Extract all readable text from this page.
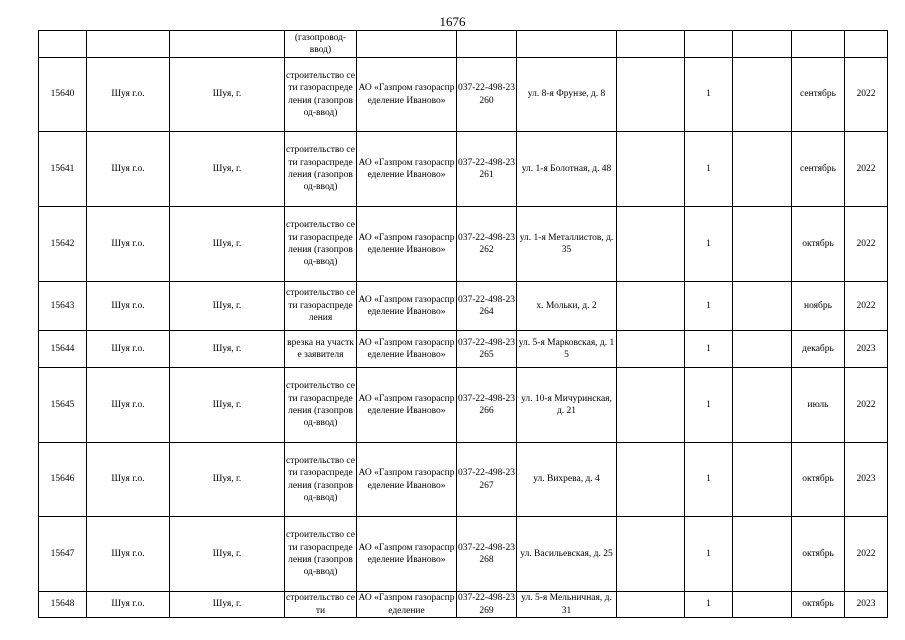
1676

			(газопровод-
ввод)								

15640	Шуя г.о.	Шуя, г.	строительство сети газораспределения (газопровод-ввод)	АО «Газпром газораспределение Иваново»	037-22-498-23260	ул. 8-я Фрунзе, д. 8		1		сентябрь	2022

15641	Шуя г.о.	Шуя, г.	строительство сети газораспределения (газопровод-ввод)	АО «Газпром газораспределение Иваново»	037-22-498-23261	ул. 1-я Болотная, д. 48		1		сентябрь	2022

15642	Шуя г.о.	Шуя, г.	строительство сети газораспределения (газопровод-ввод)	АО «Газпром газораспределение Иваново»	037-22-498-23262	ул. 1-я Металлистов, д. 35		1		октябрь	2022

15643	Шуя г.о.	Шуя, г.	строительство сети газораспределения	АО «Газпром газораспределение Иваново»	037-22-498-23264	х. Мольки, д. 2		1		ноябрь	2022

15644	Шуя г.о.	Шуя, г.	врезка на участке заявителя	АО «Газпром газораспределение Иваново»	037-22-498-23265	ул. 5-я Марковская, д. 15		1		декабрь	2023

15645	Шуя г.о.	Шуя, г.	строительство сети газораспределения (газопровод-ввод)	АО «Газпром газораспределение Иваново»	037-22-498-23266	ул. 10-я Мичуринская, д. 21		1		июль	2022

15646	Шуя г.о.	Шуя, г.	строительство сети газораспределения (газопровод-ввод)	АО «Газпром газораспределение Иваново»	037-22-498-23267	ул. Вихрева, д. 4		1		октябрь	2023

15647	Шуя г.о.	Шуя, г.	строительство сети газораспределения (газопровод-ввод)	АО «Газпром газораспределение Иваново»	037-22-498-23268	ул. Васильевская, д. 25		1		октябрь	2022

15648	Шуя г.о.	Шуя, г.	строительство сети	АО «Газпром газораспределение	037-22-498-23269	ул. 5-я Мельничная, д. 31		1		октябрь	2023
